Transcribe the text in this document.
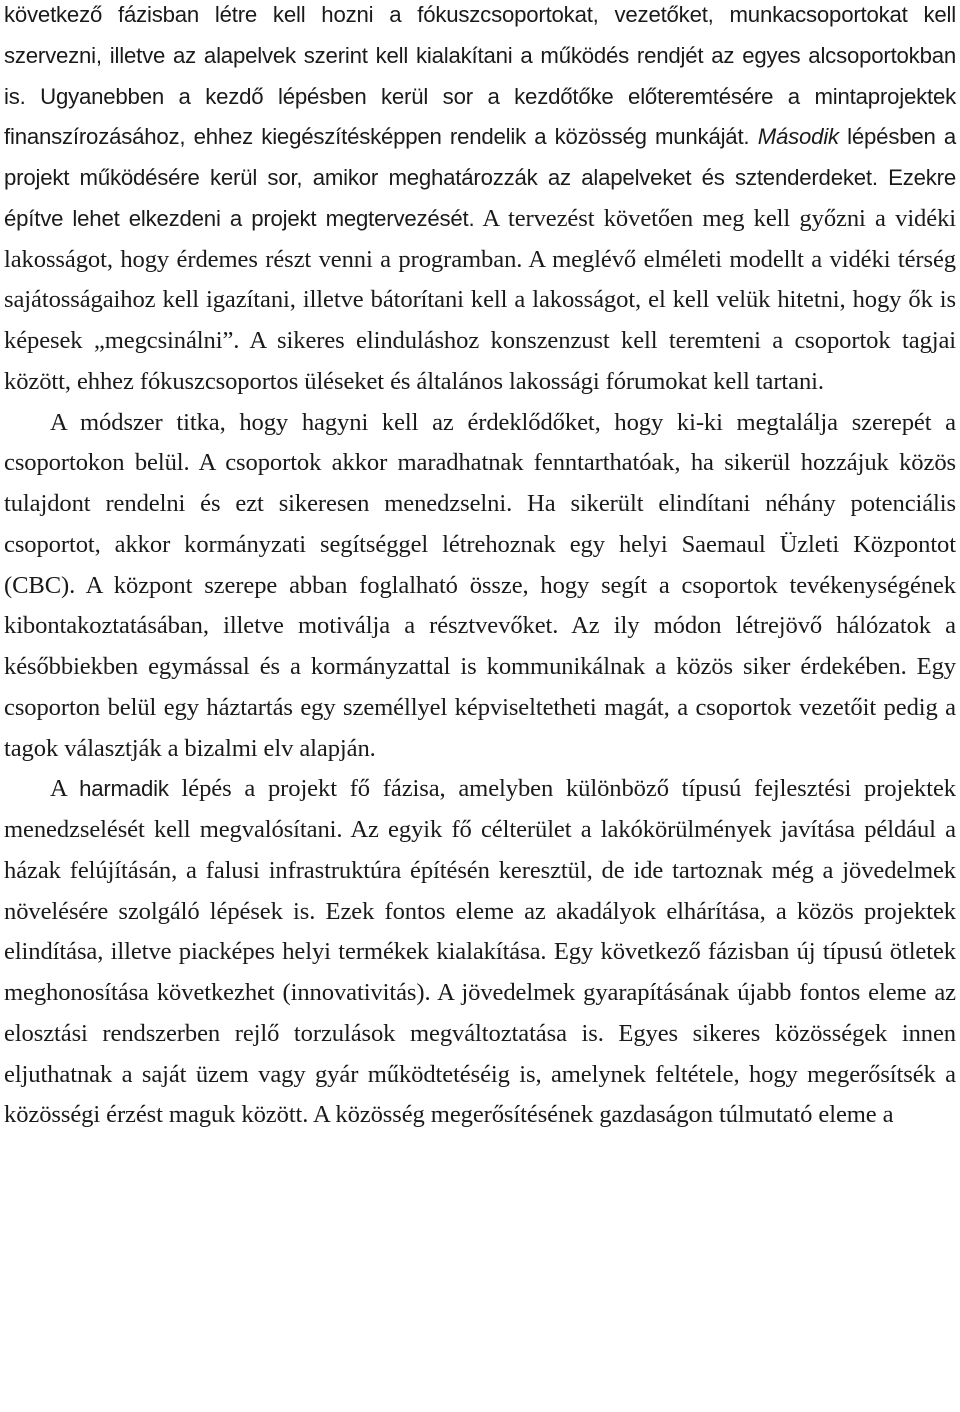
következő fázisban létre kell hozni a fókuszcsoportokat, vezetőket, munkacsoportokat kell szervezni, illetve az alapelvek szerint kell kialakítani a működés rendjét az egyes alcsoportokban is. Ugyanebben a kezdő lépésben kerül sor a kezdőtőke előteremtésére a mintaprojektek finanszírozásához, ehhez kiegészítésképpen rendelik a közösség munkáját. Második lépésben a projekt működésére kerül sor, amikor meghatározzák az alapelveket és sztenderdeket. Ezekre építve lehet elkezdeni a projekt megtervezését. A tervezést követően meg kell győzni a vidéki lakosságot, hogy érdemes részt venni a programban. A meglévő elméleti modellt a vidéki térség sajátosságaihoz kell igazítani, illetve bátorítani kell a lakosságot, el kell velük hitetni, hogy ők is képesek „megcsinálni”. A sikeres elinduláshoz konszenzust kell teremteni a csoportok tagjai között, ehhez fókuszcsoportos üléseket és általános lakossági fórumokat kell tartani.

A módszer titka, hogy hagyni kell az érdeklődőket, hogy ki-ki megtalálja szerepét a csoportokon belül. A csoportok akkor maradhatnak fenntarthatóak, ha sikerül hozzájuk közös tulajdont rendelni és ezt sikeresen menedzselni. Ha sikerült elindítani néhány potenciális csoportot, akkor kormányzati segítséggel létrehoznak egy helyi Saemaul Üzleti Központot (CBC). A központ szerepe abban foglalható össze, hogy segít a csoportok tevékenységének kibontakoztatásában, illetve motiválja a résztvevőket. Az ily módon létrejövő hálózatok a későbbiekben egymással és a kormányzattal is kommunikálnak a közös siker érdekében. Egy csoporton belül egy háztartás egy személlyel képviseltetheti magát, a csoportok vezetőit pedig a tagok választják a bizalmi elv alapján.

A harmadik lépés a projekt fő fázisa, amelyben különböző típusú fejlesztési projektek menedzselését kell megvalósítani. Az egyik fő célterület a lakókörülmények javítása például a házak felújításán, a falusi infrastruktúra építésén keresztül, de ide tartoznak még a jövedelmek növelésére szolgáló lépések is. Ezek fontos eleme az akadályok elhárítása, a közös projektek elindítása, illetve piacképes helyi termékek kialakítása. Egy következő fázisban új típusú ötletek meghonosítása következhet (innovativitás). A jövedelmek gyarapításának újabb fontos eleme az elosztási rendszerben rejlő torzulások megváltoztatása is. Egyes sikeres közösségek innen eljuthatnak a saját üzem vagy gyár működtetéséig is, amelynek feltétele, hogy megerősítsék a közösségi érzést maguk között. A közösség megerősítésének gazdaságon túlmutató eleme a
